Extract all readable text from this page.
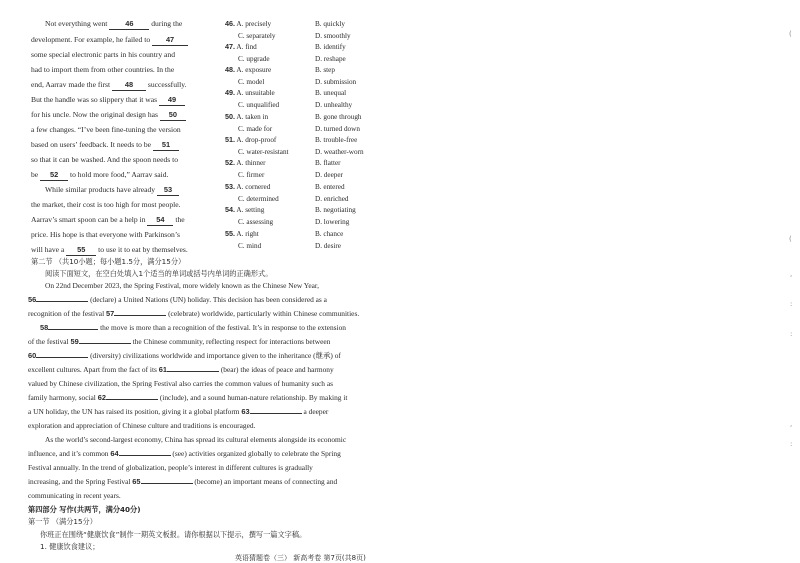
Not everything went 46 during the
development. For example, he failed to 47
some special electronic parts in his country and
had to import them from other countries. In the
end, Aarrav made the first 48 successfully.
But the handle was so slippery that it was 49
for his uncle. Now the original design has 50
a few changes. “I’ve been fine-tuning the version
based on users’ feedback. It needs to be 51
so that it can be washed. And the spoon needs to
be 52 to hold more food,” Aarrav said.
While similar products have already 53
the market, their cost is too high for most people.
Aarrav’s smart spoon can be a help in 54 the
price. His hope is that everyone with Parkinson’s
will have a 55 to use it to eat by themselves.
46. A. precisely	B. quickly
C. separately	D. smoothly
47. A. find	B. identify
C. upgrade	D. reshape
48. A. exposure	B. step
C. model	D. submission
49. A. unsuitable	B. unequal
C. unqualified	D. unhealthy
50. A. taken in	B. gone through
C. made for	D. turned down
51. A. drop-proof	B. trouble-free
C. water-resistant	D. weather-worn
52. A. thinner	B. flatter
C. firmer	D. deeper
53. A. cornered	B. entered
C. determined	D. enriched
54. A. setting	B. negotiating
C. assessing	D. lowering
55. A. right	B. chance
C. mind	D. desire
第二节 （共10小题；每小题1.5分，满分15分）
阅读下面短文，在空白处填入1个适当的单词或括号内单词的正确形式。
On 22nd December 2023, the Spring Festival, more widely known as the Chinese New Year,
56	(declare) a United Nations (UN) holiday. This decision has been considered as a
recognition of the festival 57	(celebrate) worldwide, particularly within Chinese communities.
58	the move is more than a recognition of the festival. It’s in response to the extension
of the festival 59	the Chinese community, reflecting respect for interactions between
60	(diversity) civilizations worldwide and importance given to the inheritance (继承) of
excellent cultures. Apart from the fact of its 61	(bear) the ideas of peace and harmony
valued by Chinese civilization, the Spring Festival also carries the common values of humanity such as
family harmony, social 62	(include), and a sound human-nature relationship. By making it
a UN holiday, the UN has raised its position, giving it a global platform 63	a deeper
exploration and appreciation of Chinese culture and traditions is encouraged.
As the world’s second-largest economy, China has spread its cultural elements alongside its economic
influence, and it’s common 64	(see) activities organized globally to celebrate the Spring
Festival annually. In the trend of globalization, people’s interest in different cultures is gradually
increasing, and the Spring Festival 65	(become) an important means of connecting and
communicating in recent years.
第四部分 写作(共两节，满分40分)
第一节 （满分15分）
你班正在围绕“健康饮食”制作一期英文板报。请你根据以下提示，撰写一篇文字稿。
1. 健康饮食建议；
英语猜题卷（三） 新高考卷 第7页(共8页)
(
(
,
:
:
,
:
